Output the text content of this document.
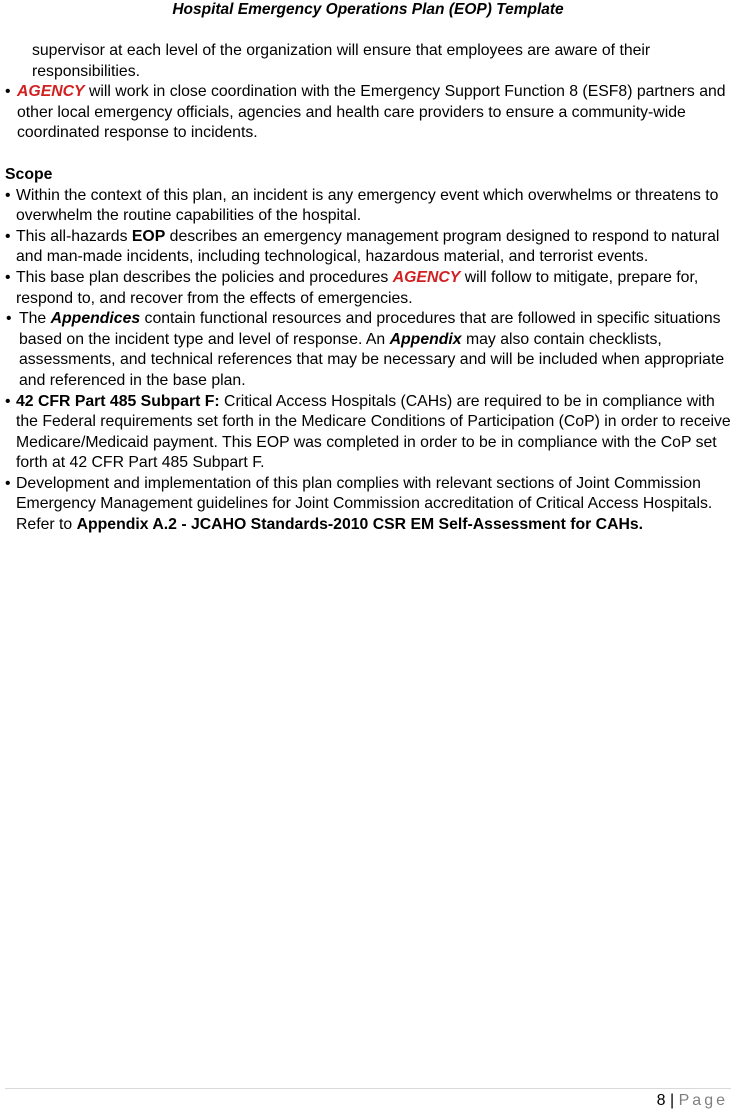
Hospital Emergency Operations Plan (EOP) Template
supervisor at each level of the organization will ensure that employees are aware of their responsibilities.
• AGENCY will work in close coordination with the Emergency Support Function 8 (ESF8) partners and other local emergency officials, agencies and health care providers to ensure a community-wide coordinated response to incidents.
Scope
• Within the context of this plan, an incident is any emergency event which overwhelms or threatens to overwhelm the routine capabilities of the hospital.
• This all-hazards EOP describes an emergency management program designed to respond to natural and man-made incidents, including technological, hazardous material, and terrorist events.
• This base plan describes the policies and procedures AGENCY will follow to mitigate, prepare for, respond to, and recover from the effects of emergencies.
• The Appendices contain functional resources and procedures that are followed in specific situations based on the incident type and level of response. An Appendix may also contain checklists, assessments, and technical references that may be necessary and will be included when appropriate and referenced in the base plan.
• 42 CFR Part 485 Subpart F: Critical Access Hospitals (CAHs) are required to be in compliance with the Federal requirements set forth in the Medicare Conditions of Participation (CoP) in order to receive Medicare/Medicaid payment. This EOP was completed in order to be in compliance with the CoP set forth at 42 CFR Part 485 Subpart F.
• Development and implementation of this plan complies with relevant sections of Joint Commission Emergency Management guidelines for Joint Commission accreditation of Critical Access Hospitals. Refer to Appendix A.2 - JCAHO Standards-2010 CSR EM Self-Assessment for CAHs.
8 | Page
